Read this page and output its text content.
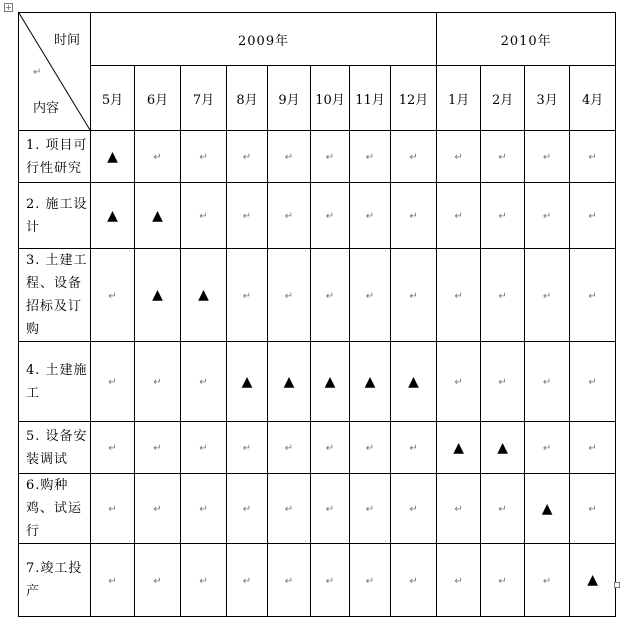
+
时间
↵
内容	2009年								2010年			
	5月	6月	7月	8月	9月	10月	11月	12月	1月	2月	3月	4月
1. 项目可行性研究	▲	↵	↵	↵	↵	↵	↵	↵	↵	↵	↵	↵
2. 施工设计	▲	▲	↵	↵	↵	↵	↵	↵	↵	↵	↵	↵
3. 土建工程、设备招标及订购	↵	▲	▲	↵	↵	↵	↵	↵	↵	↵	↵	↵
4. 土建施工	↵	↵	↵	▲	▲	▲	▲	▲	↵	↵	↵	↵
5. 设备安装调试	↵	↵	↵	↵	↵	↵	↵	↵	▲	▲	↵	↵
6.购种鸡、试运行	↵	↵	↵	↵	↵	↵	↵	↵	↵	↵	▲	↵
7.竣工投产	↵	↵	↵	↵	↵	↵	↵	↵	↵	↵	↵	▲
